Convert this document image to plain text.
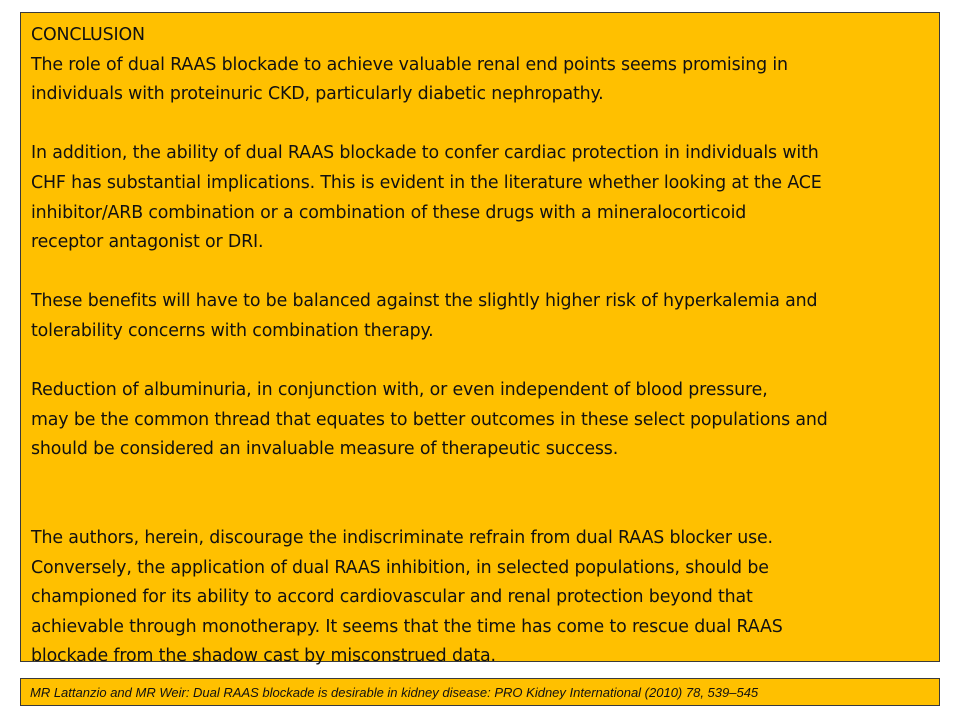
CONCLUSION

The role of dual RAAS blockade to achieve valuable renal end points seems promising in

individuals with proteinuric CKD, particularly diabetic nephropathy.

In addition, the ability of dual RAAS blockade to confer cardiac protection in individuals with

CHF has substantial implications. This is evident in the literature whether looking at the ACE

inhibitor/ARB combination or a combination of these drugs with a mineralocorticoid

receptor antagonist or DRI.

These benefits will have to be balanced against the slightly higher risk of hyperkalemia and

tolerability concerns with combination therapy.

Reduction of albuminuria, in conjunction with, or even independent of blood pressure,

may be the common thread that equates to better outcomes in these select populations and

should be considered an invaluable measure of therapeutic success.

The authors, herein, discourage the indiscriminate refrain from dual RAAS blocker use.

Conversely, the application of dual RAAS inhibition, in selected populations, should be

championed for its ability to accord cardiovascular and renal protection beyond that

achievable through monotherapy. It seems that the time has come to rescue dual RAAS

blockade from the shadow cast by misconstrued data.

MR Lattanzio and MR Weir: Dual RAAS blockade is desirable in kidney disease: PRO Kidney International (2010) 78, 539–545
